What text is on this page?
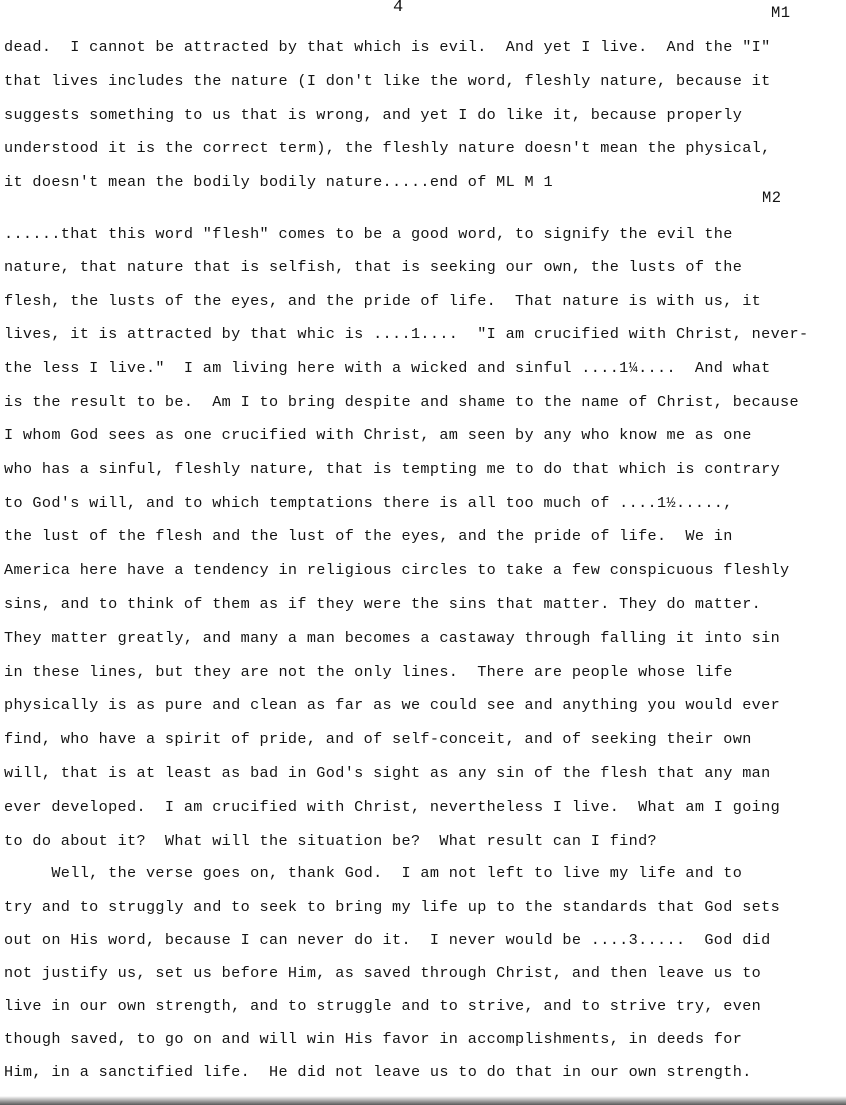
4	M1
M2
dead.  I cannot be attracted by that which is evil.  And yet I live.  And the "I"
that lives includes the nature (I don't like the word, fleshly nature, because it
suggests something to us that is wrong, and yet I do like it, because properly
understood it is the correct term), the fleshly nature doesn't mean the physical,
it doesn't mean the bodily bodily nature.....end of ML M 1
......that this word "flesh" comes to be a good word, to signify the evil the
nature, that nature that is selfish, that is seeking our own, the lusts of the
flesh, the lusts of the eyes, and the pride of life.  That nature is with us, it
lives, it is attracted by that whic is ....1....  "I am crucified with Christ, never-
the less I live."  I am living here with a wicked and sinful ....1¼....  And what
is the result to be.  Am I to bring despite and shame to the name of Christ, because
I whom God sees as one crucified with Christ, am seen by any who know me as one
who has a sinful, fleshly nature, that is tempting me to do that which is contrary
to God's will, and to which temptations there is all too much of ....1½.....,
the lust of the flesh and the lust of the eyes, and the pride of life.  We in
America here have a tendency in religious circles to take a few conspicuous fleshly
sins, and to think of them as if they were the sins that matter. They do matter.
They matter greatly, and many a man becomes a castaway through falling it into sin
in these lines, but they are not the only lines.  There are people whose life
physically is as pure and clean as far as we could see and anything you would ever
find, who have a spirit of pride, and of self-conceit, and of seeking their own
will, that is at least as bad in God's sight as any sin of the flesh that any man
ever developed.  I am crucified with Christ, nevertheless I live.  What am I going
to do about it?  What will the situation be?  What result can I find?
Well, the verse goes on, thank God.  I am not left to live my life and to
try and to struggly and to seek to bring my life up to the standards that God sets
out on His word, because I can never do it.  I never would be ....3.....  God did
not justify us, set us before Him, as saved through Christ, and then leave us to
live in our own strength, and to struggle and to strive, and to strive try, even
though saved, to go on and will win His favor in accomplishments, in deeds for
Him, in a sanctified life.  He did not leave us to do that in our own strength.
